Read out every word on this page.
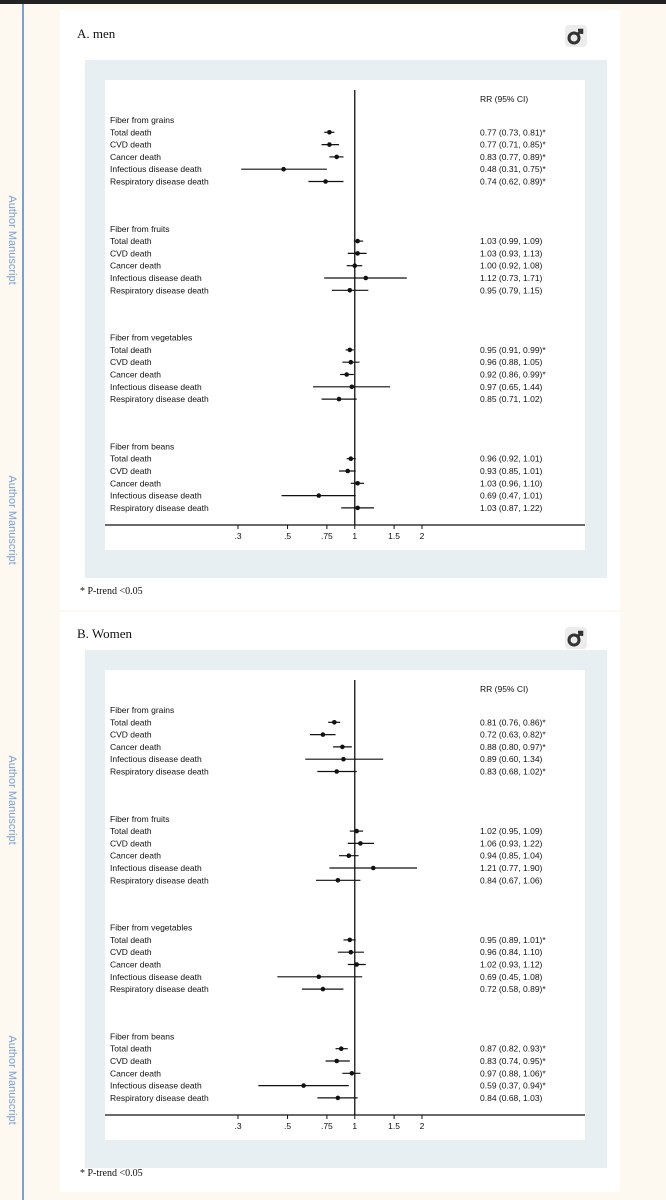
Author Manuscript
Author Manuscript
Author Manuscript
Author Manuscript
A. men
RR (95% CI)
Fiber from grains
Total death	0.77 (0.73, 0.81)*
CVD death	0.77 (0.71, 0.85)*
Cancer death	0.83 (0.77, 0.89)*
Infectious disease death	0.48 (0.31, 0.75)*
Respiratory disease death	0.74 (0.62, 0.89)*
Fiber from fruits
Total death	1.03 (0.99, 1.09)
CVD death	1.03 (0.93, 1.13)
Cancer death	1.00 (0.92, 1.08)
Infectious disease death	1.12 (0.73, 1.71)
Respiratory disease death	0.95 (0.79, 1.15)
Fiber from vegetables
Total death	0.95 (0.91, 0.99)*
CVD death	0.96 (0.88, 1.05)
Cancer death	0.92 (0.86, 0.99)*
Infectious disease death	0.97 (0.65, 1.44)
Respiratory disease death	0.85 (0.71, 1.02)
Fiber from beans
Total death	0.96 (0.92, 1.01)
CVD death	0.93 (0.85, 1.01)
Cancer death	1.03 (0.96, 1.10)
Infectious disease death	0.69 (0.47, 1.01)
Respiratory disease death	1.03 (0.87, 1.22)
.3	.5	.75 1	1.5 2
* P-trend <0.05
B. Women
RR (95% CI)
Fiber from grains
Total death	0.81 (0.76, 0.86)*
CVD death	0.72 (0.63, 0.82)*
Cancer death	0.88 (0.80, 0.97)*
Infectious disease death	0.89 (0.60, 1.34)
Respiratory disease death	0.83 (0.68, 1.02)*
Fiber from fruits
Total death	1.02 (0.95, 1.09)
CVD death	1.06 (0.93, 1.22)
Cancer death	0.94 (0.85, 1.04)
Infectious disease death	1.21 (0.77, 1.90)
Respiratory disease death	0.84 (0.67, 1.06)
Fiber from vegetables
Total death	0.95 (0.89, 1.01)*
CVD death	0.96 (0.84, 1.10)
Cancer death	1.02 (0.93, 1.12)
Infectious disease death	0.69 (0.45, 1.08)
Respiratory disease death	0.72 (0.58, 0.89)*
Fiber from beans
Total death	0.87 (0.82, 0.93)*
CVD death	0.83 (0.74, 0.95)*
Cancer death	0.97 (0.88, 1.06)*
Infectious disease death	0.59 (0.37, 0.94)*
Respiratory disease death	0.84 (0.68, 1.03)
.3	.5	.75 1	1.5 2
* P-trend <0.05
